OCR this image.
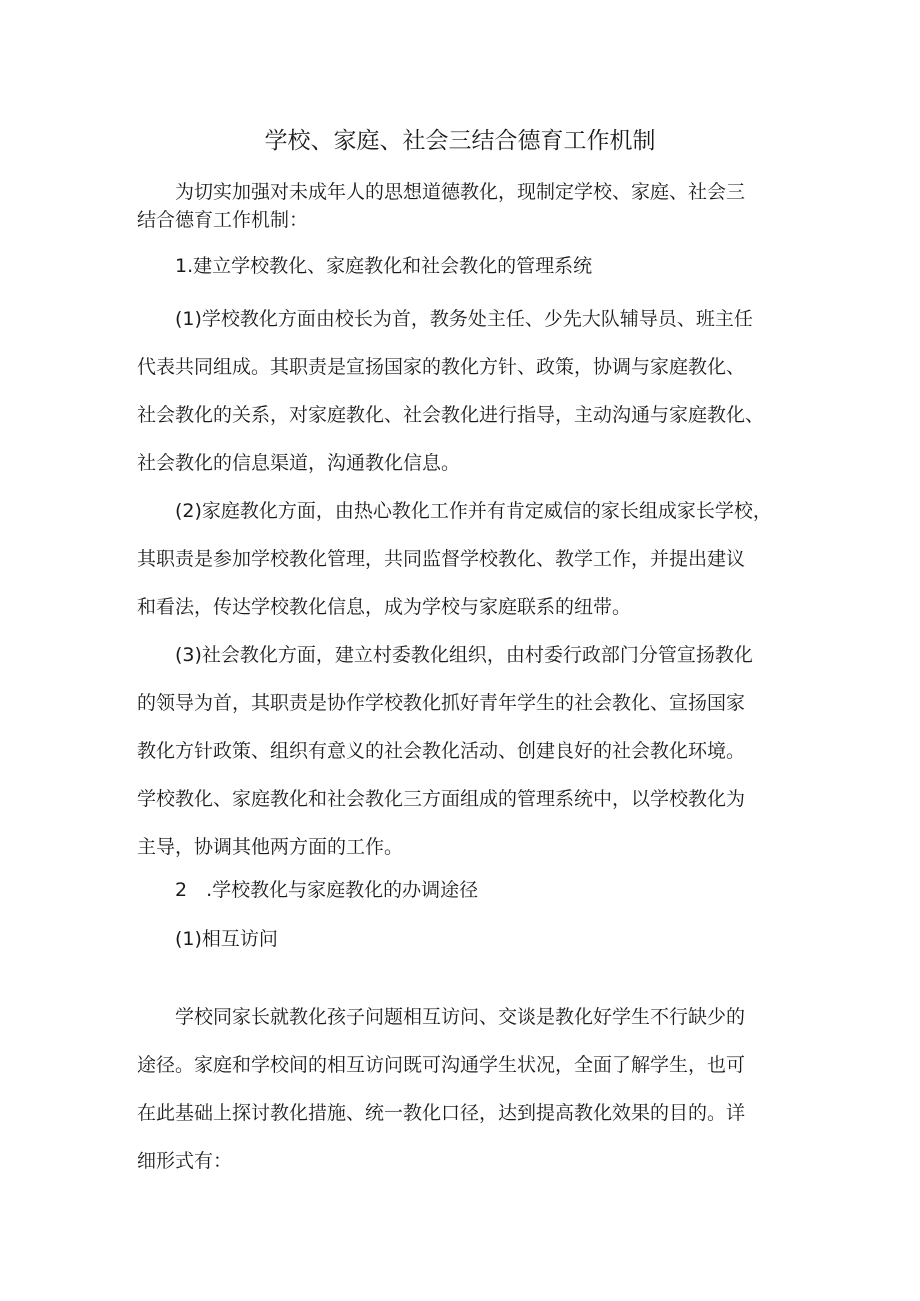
学校、家庭、社会三结合德育工作机制
　　为切实加强对未成年人的思想道德教化，现制定学校、家庭、社会三
结合德育工作机制：
　　1.建立学校教化、家庭教化和社会教化的管理系统
　　(1)学校教化方面由校长为首，教务处主任、少先大队辅导员、班主任
代表共同组成。其职责是宣扬国家的教化方针、政策，协调与家庭教化、
社会教化的关系，对家庭教化、社会教化进行指导，主动沟通与家庭教化、
社会教化的信息渠道，沟通教化信息。
　　(2)家庭教化方面，由热心教化工作并有肯定威信的家长组成家长学校，
其职责是参加学校教化管理，共同监督学校教化、教学工作，并提出建议
和看法，传达学校教化信息，成为学校与家庭联系的纽带。
　　(3)社会教化方面，建立村委教化组织，由村委行政部门分管宣扬教化
的领导为首，其职责是协作学校教化抓好青年学生的社会教化、宣扬国家
教化方针政策、组织有意义的社会教化活动、创建良好的社会教化环境。
学校教化、家庭教化和社会教化三方面组成的管理系统中，以学校教化为
主导，协调其他两方面的工作。
　　2　.学校教化与家庭教化的办调途径
　　(1)相互访问
　　学校同家长就教化孩子问题相互访问、交谈是教化好学生不行缺少的
途径。家庭和学校间的相互访问既可沟通学生状况，全面了解学生，也可
在此基础上探讨教化措施、统一教化口径，达到提高教化效果的目的。详
细形式有：
